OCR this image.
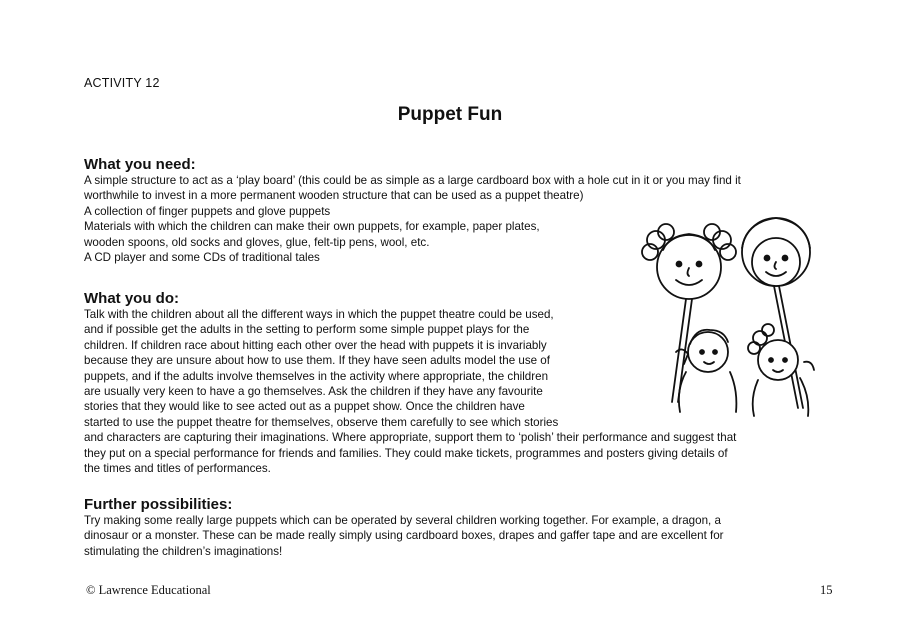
ACTIVITY 12
Puppet Fun

What you need:

A simple structure to act as a ‘play board’ (this could be as simple as a large cardboard box with a hole cut in it or you may find it

worthwhile to invest in a more permanent wooden structure that can be used as a puppet theatre)

A collection of finger puppets and glove puppets

Materials with which the children can make their own puppets, for example, paper plates,

wooden spoons, old socks and gloves, glue, felt-tip pens, wool, etc.

A CD player and some CDs of traditional tales

What you do:

Talk with the children about all the different ways in which the puppet theatre could be used,

and if possible get the adults in the setting to perform some simple puppet plays for the

children. If children race about hitting each other over the head with puppets it is invariably

because they are unsure about how to use them. If they have seen adults model the use of

puppets, and if the adults involve themselves in the activity where appropriate, the children

are usually very keen to have a go themselves. Ask the children if they have any favourite

stories that they would like to see acted out as a puppet show. Once the children have

started to use the puppet theatre for themselves, observe them carefully to see which stories

and characters are capturing their imaginations. Where appropriate, support them to ‘polish’ their performance and suggest that

they put on a special performance for friends and families. They could make tickets, programmes and posters giving details of

the times and titles of performances.

Further possibilities:

Try making some really large puppets which can be operated by several children working together. For example, a dragon, a

dinosaur or a monster. These can be made really simply using cardboard boxes, drapes and gaffer tape and are excellent for

stimulating the children’s imaginations!

© Lawrence Educational	15
